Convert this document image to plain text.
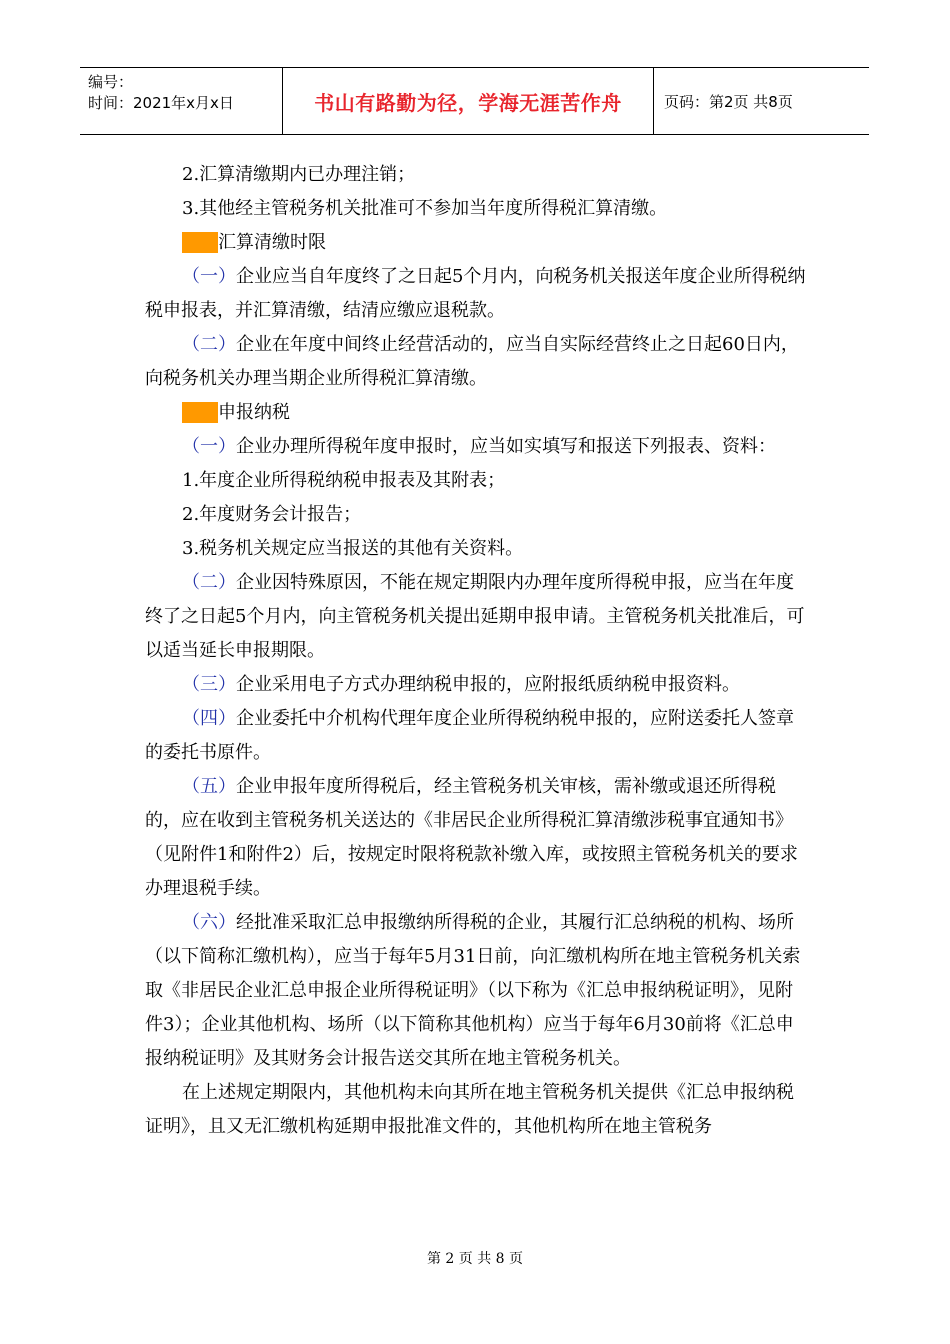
编号：
时间：2021年x月x日	书山有路勤为径，学海无涯苦作舟	页码：第2页 共8页

2.汇算清缴期内已办理注销；

3.其他经主管税务机关批准可不参加当年度所得税汇算清缴。

二、汇算清缴时限

（一）企业应当自年度终了之日起5个月内，向税务机关报送年度企业所得税纳税申报表，并汇算清缴，结清应缴应退税款。

（二）企业在年度中间终止经营活动的，应当自实际经营终止之日起60日内，向税务机关办理当期企业所得税汇算清缴。

三、申报纳税

（一）企业办理所得税年度申报时，应当如实填写和报送下列报表、资料：

1.年度企业所得税纳税申报表及其附表；

2.年度财务会计报告；

3.税务机关规定应当报送的其他有关资料。

（二）企业因特殊原因，不能在规定期限内办理年度所得税申报，应当在年度终了之日起5个月内，向主管税务机关提出延期申报申请。主管税务机关批准后，可以适当延长申报期限。

（三）企业采用电子方式办理纳税申报的，应附报纸质纳税申报资料。

（四）企业委托中介机构代理年度企业所得税纳税申报的，应附送委托人签章的委托书原件。

（五）企业申报年度所得税后，经主管税务机关审核，需补缴或退还所得税的，应在收到主管税务机关送达的《非居民企业所得税汇算清缴涉税事宜通知书》（见附件1和附件2）后，按规定时限将税款补缴入库，或按照主管税务机关的要求办理退税手续。

（六）经批准采取汇总申报缴纳所得税的企业，其履行汇总纳税的机构、场所（以下简称汇缴机构），应当于每年5月31日前，向汇缴机构所在地主管税务机关索取《非居民企业汇总申报企业所得税证明》（以下称为《汇总申报纳税证明》，见附件3）；企业其他机构、场所（以下简称其他机构）应当于每年6月30前将《汇总申报纳税证明》及其财务会计报告送交其所在地主管税务机关。

在上述规定期限内，其他机构未向其所在地主管税务机关提供《汇总申报纳税证明》，且又无汇缴机构延期申报批准文件的，其他机构所在地主管税务

第 2 页 共 8 页
